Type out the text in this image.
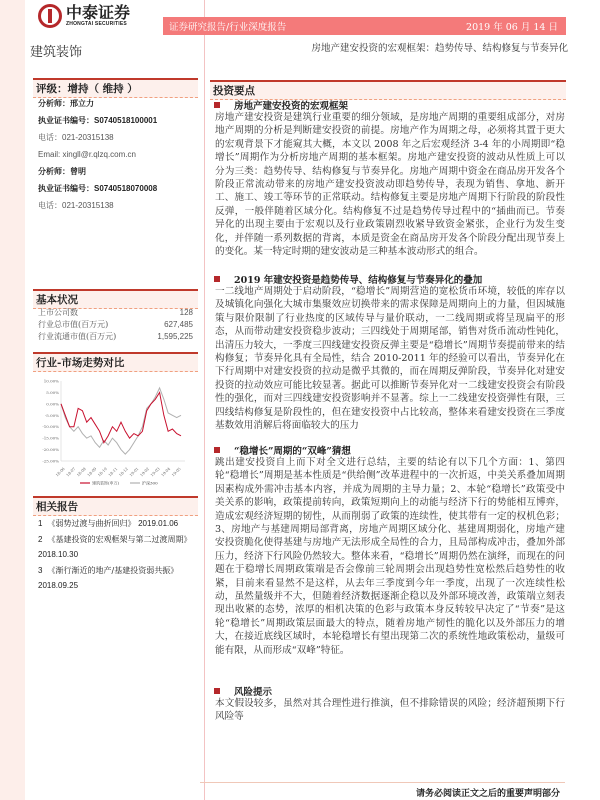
中泰证券
ZHONGTAI SECURITIES	证券研究报告/行业深度报告	2019 年 06 月 14 日
建筑装饰	房地产建安投资的宏观框架：趋势传导、结构修复与节奏异化
评级：增持（ 维持 ）
分析师：邢立力
执业证书编号：S0740518100001
电话：021-20315138
Email: xingll@r.qlzq.com.cn
分析师：曾明
执业证书编号：S0740518070008
电话：021-20315138
基本状况
上市公司数	128
行业总市值(百万元)	627,485
行业流通市值(百万元)	1,595,225
行业-市场走势对比
10.00%
5.00%
0.00%
-5.00%
-10.00%
-15.00%
-20.00%
-25.00%
18-06 18-07 18-08 18-09 18-10 18-11 18-12 19-01 19-02 19-03 19-04 19-05
建筑装饰(申万)	沪深300
相关报告
1 《弱势过渡与曲折回归》 2019.01.06
2 《基建投资的宏观框架与第二过渡周期》 2018.10.30
3 《渐行渐近的地产/基建投资弱共振》 2018.09.25
投资要点
房地产建安投资的宏观框架
房地产建安投资是建筑行业重要的细分领域，是房地产周期的重要组成部分，对房地产周期的分析是判断建安投资的前提。房地产作为周期之母，必须将其置于更大的宏观背景下才能窥其大概，本文以 2008 年之后宏观经济 3-4 年的小周期即“稳增长”周期作为分析房地产周期的基本框架。房地产建安投资的波动从性质上可以分为三类：趋势传导、结构修复与节奏异化。房地产周期中资金在商品房开发各个阶段正常流动带来的房地产建安投资波动即趋势传导，表现为销售、拿地、新开工、施工、竣工等环节的正常联动。结构修复主要是房地产周期下行阶段的阶段性反弹，一般伴随着区域分化。结构修复不过是趋势传导过程中的“插曲而已。节奏异化的出现主要由于宏观以及行业政策剧烈收紧导致资金紧张，企业行为发生变化，并伴随一系列数据的背离，本质是资金在商品房开发各个阶段分配出现节奏上的变化。某一特定时期的建安波动是三种基本波动形式的组合。
2019 年建安投资是趋势传导、结构修复与节奏异化的叠加
一二线地产周期处于启动阶段，“稳增长”周期营造的宽松货币环境，较低的库存以及城镇化向强化大城市集聚效应切换带来的需求保障是周期向上的力量，但因城施策与限价限制了行业热度的区域传导与量价联动，一二线周期或将呈现扁平的形态，从而带动建安投资稳步波动；三四线处于周期尾部，销售对货币流动性钝化，出清压力较大，一季度三四线建安投资反弹主要是“稳增长”周期节奏提前带来的结构修复；节奏异化具有全局性，结合 2010-2011 年的经验可以看出，节奏异化在下行周期中对建安投资的拉动是微乎其微的，而在周期反弹阶段，节奏异化对建安投资的拉动效应可能比较显著。据此可以推断节奏异化对一二线建安投资会有阶段性的强化，而对三四线建安投资影响并不显著。综上一二线建安投资弹性有限，三四线结构修复是阶段性的，但在建安投资中占比较高，整体来看建安投资在三季度基数效用消解后将面临较大的压力
“稳增长”周期的“双峰”猜想
跳出建安投资自上而下对全文进行总结，主要的结论有以下几个方面：1、第四轮“稳增长”周期是基本性质是“供给侧”改革进程中的一次折返，中美关系叠加周期因素构成外需冲击基本内容，并成为周期的主导力量；2、本轮“稳增长”政策受中美关系的影响，政策提前转向，政策短期向上的动能与经济下行的势能相互博弈，造成宏观经济短期的韧性，从而削弱了政策的连续性，使其带有一定的权机色彩；3、房地产与基建周期局部背离，房地产周期区域分化、基建周期弱化，房地产建安投资脆化使得基建与房地产无法形成全局性的合力，且局部构成冲击，叠加外部压力，经济下行风险仍然较大。整体来看，“稳增长”周期仍然在演绎，而现在的问题在于稳增长周期政策端是否会像前三轮周期会出现趋势性宽松然后趋势性的收紧，目前来看显然不是这样，从去年三季度到今年一季度，出现了一次连续性松动，虽然量级并不大，但随着经济数据逐渐企稳以及外部环境改善，政策端立刻表现出收紧的态势，浓厚的相机决策的色彩与政策本身反转较早决定了“节奏”是这轮“稳增长”周期政策层面最大的特点，随着房地产韧性的脆化以及外部压力的增大，在接近底线区域时，本轮稳增长有望出现第二次的系统性地政策松动，量级可能有限，从而形成“双峰”特征。
风险提示
本文假设较多，虽然对其合理性进行推演，但不排除错误的风险；经济超预期下行风险等
请务必阅读正文之后的重要声明部分
